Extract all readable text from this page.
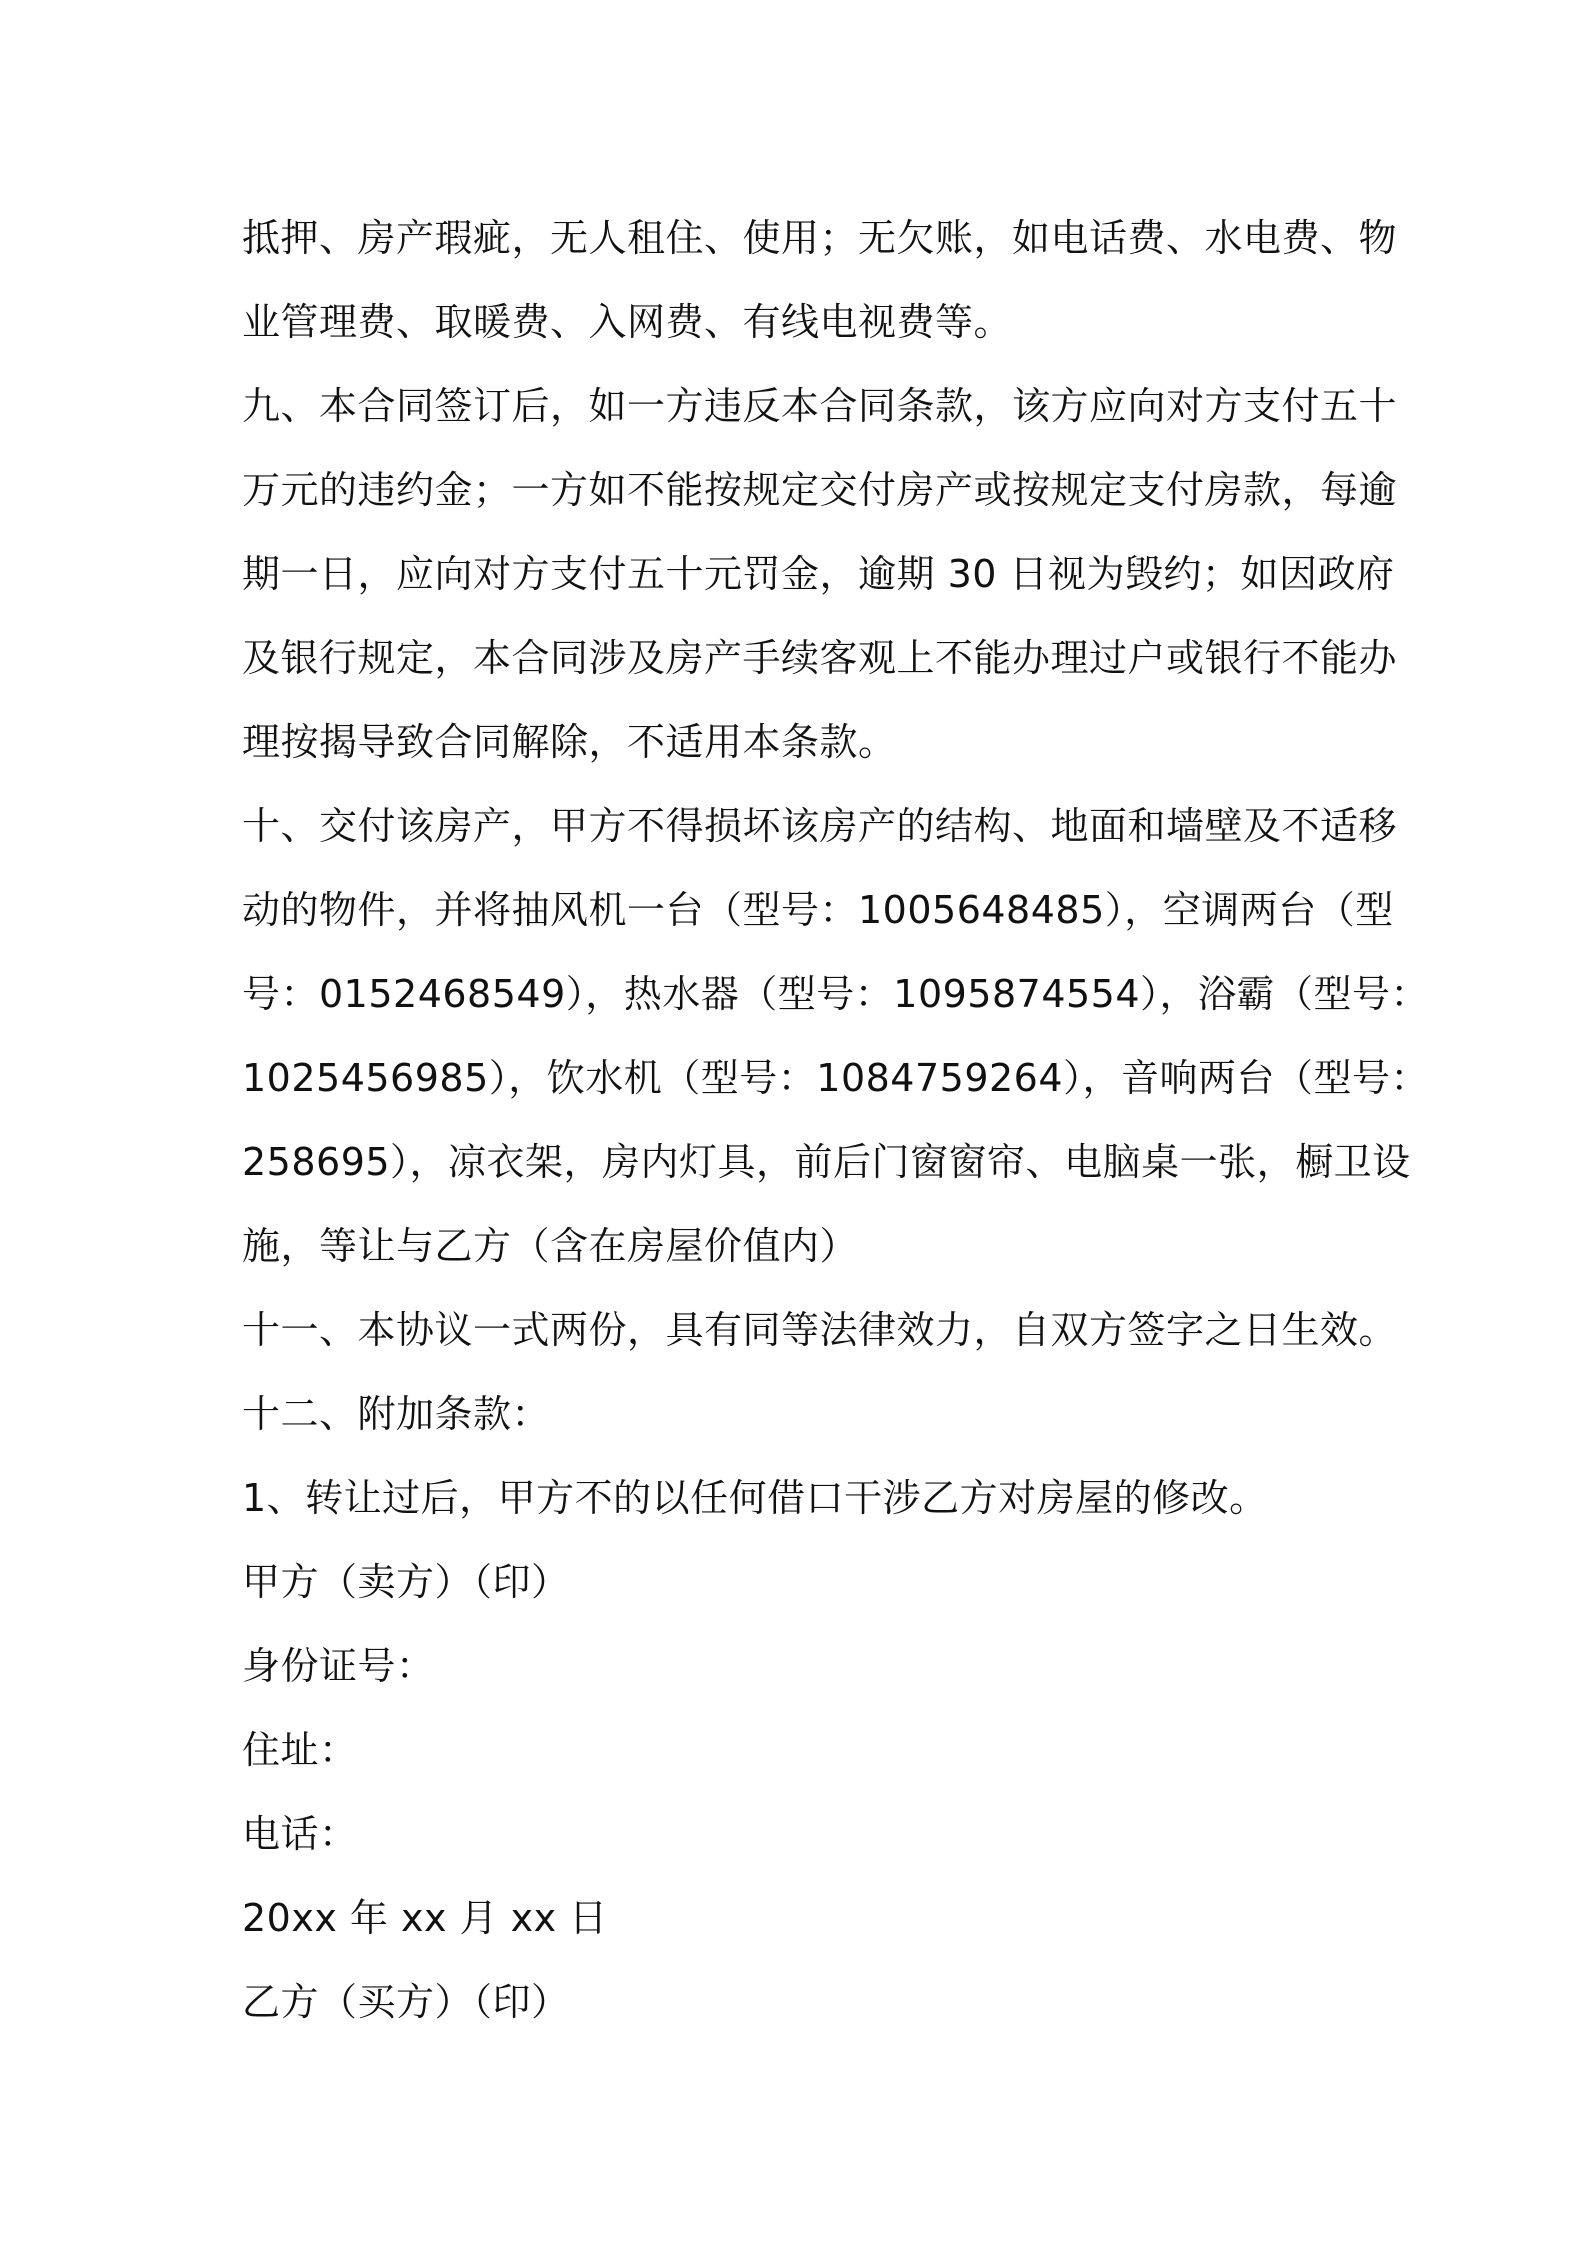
抵押、房产瑕疵，无人租住、使用；无欠账，如电话费、水电费、物
业管理费、取暖费、入网费、有线电视费等。
九、本合同签订后，如一方违反本合同条款，该方应向对方支付五十
万元的违约金；一方如不能按规定交付房产或按规定支付房款，每逾
期一日，应向对方支付五十元罚金，逾期 30 日视为毁约；如因政府
及银行规定，本合同涉及房产手续客观上不能办理过户或银行不能办
理按揭导致合同解除，不适用本条款。
十、交付该房产，甲方不得损坏该房产的结构、地面和墙壁及不适移
动的物件，并将抽风机一台（型号：1005648485），空调两台（型
号：0152468549），热水器（型号：1095874554），浴霸（型号：
1025456985），饮水机（型号：1084759264），音响两台（型号：
258695），凉衣架，房内灯具，前后门窗窗帘、电脑桌一张，橱卫设
施，等让与乙方（含在房屋价值内）
十一、本协议一式两份，具有同等法律效力，自双方签字之日生效。
十二、附加条款：
1、转让过后，甲方不的以任何借口干涉乙方对房屋的修改。
甲方（卖方）（印）
身份证号：
住址：
电话：
20xx 年 xx 月 xx 日
乙方（买方）（印）
